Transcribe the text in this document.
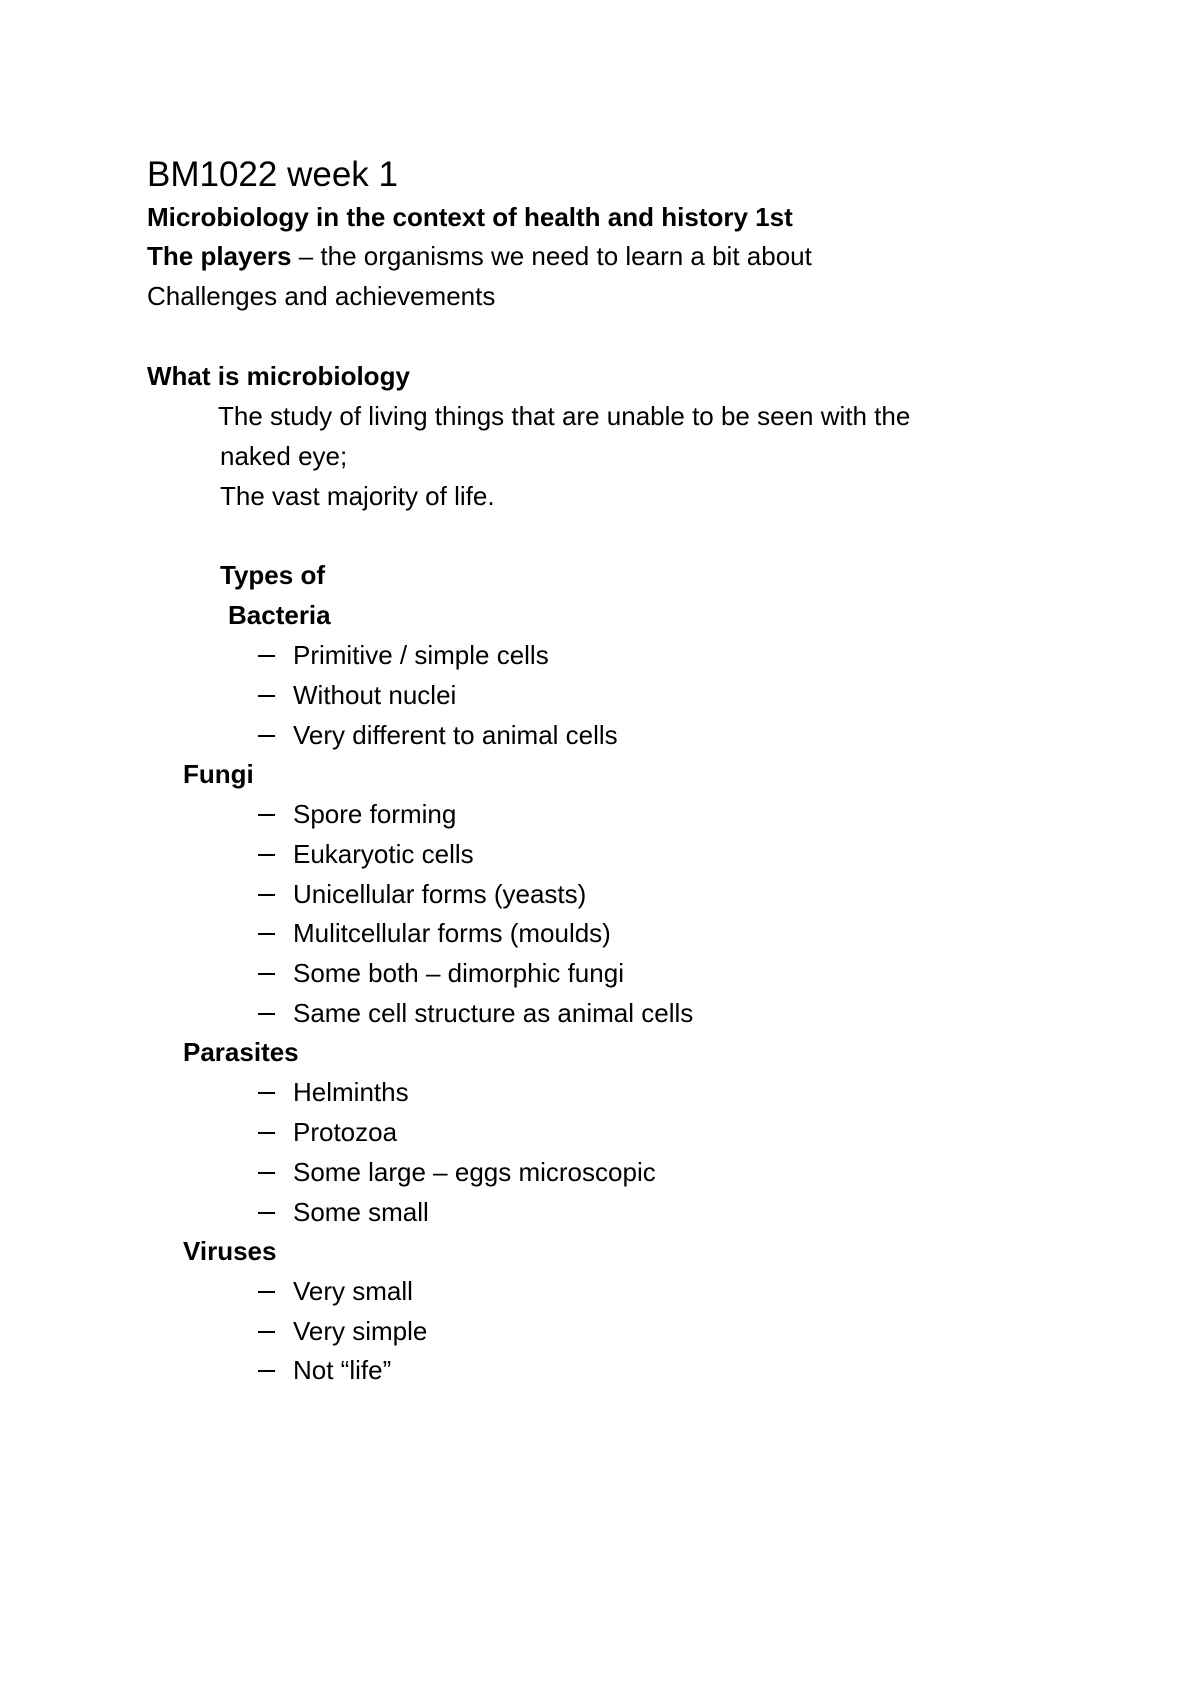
BM1022 week 1
Microbiology in the context of health and history 1st
The players – the organisms we need to learn a bit about
Challenges and achievements
What is microbiology
The study of living things that are unable to be seen with the
naked eye;
The vast majority of life.
Types of
Bacteria
Primitive / simple cells
Without nuclei
Very different to animal cells
Fungi
Spore forming
Eukaryotic cells
Unicellular forms (yeasts)
Mulitcellular forms (moulds)
Some both – dimorphic fungi
Same cell structure as animal cells
Parasites
Helminths
Protozoa
Some large – eggs microscopic
Some small
Viruses
Very small
Very simple
Not “life”
